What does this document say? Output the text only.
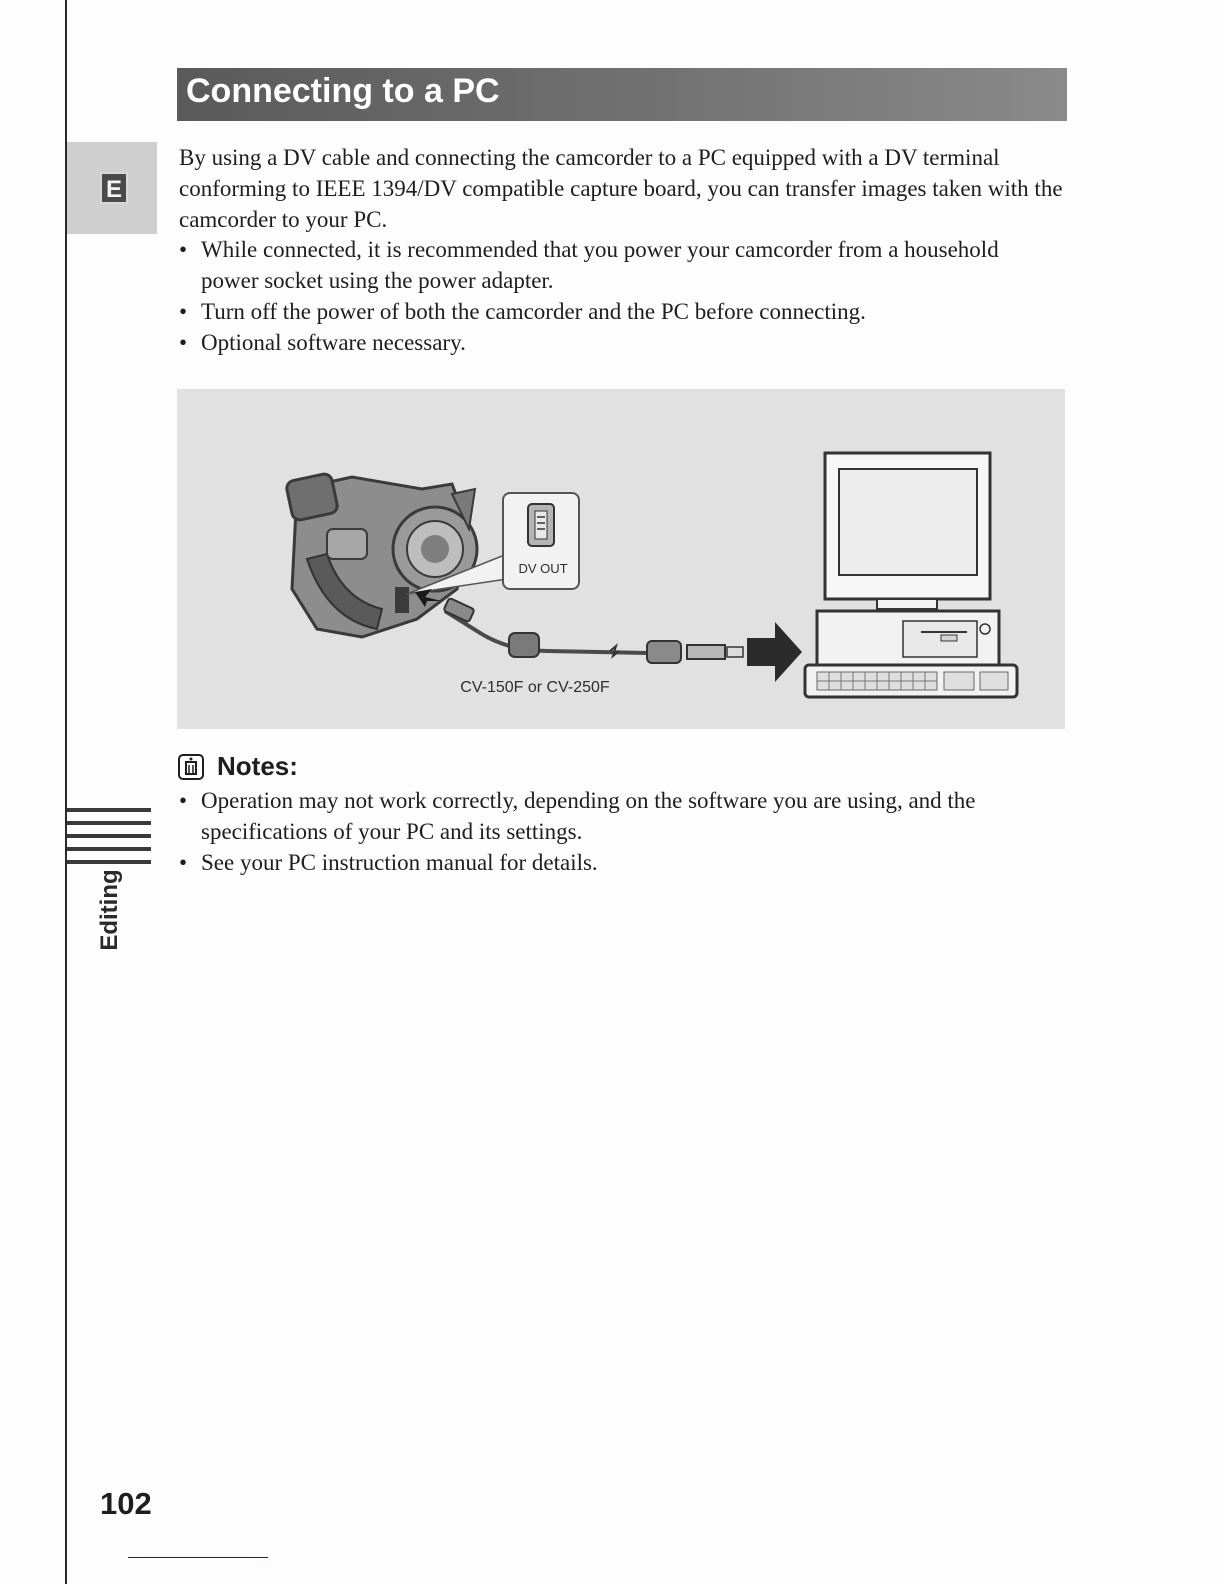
E
Connecting to a PC
By using a DV cable and connecting the camcorder to a PC equipped with a DV terminal conforming to IEEE 1394/DV compatible capture board, you can transfer images taken with the camcorder to your PC.
• While connected, it is recommended that you power your camcorder from a household power socket using the power adapter.
• Turn off the power of both the camcorder and the PC before connecting.
• Optional software necessary.
DV OUT
CV-150F or CV-250F
Notes:
• Operation may not work correctly, depending on the software you are using, and the specifications of your PC and its settings.
• See your PC instruction manual for details.
Editing
102
